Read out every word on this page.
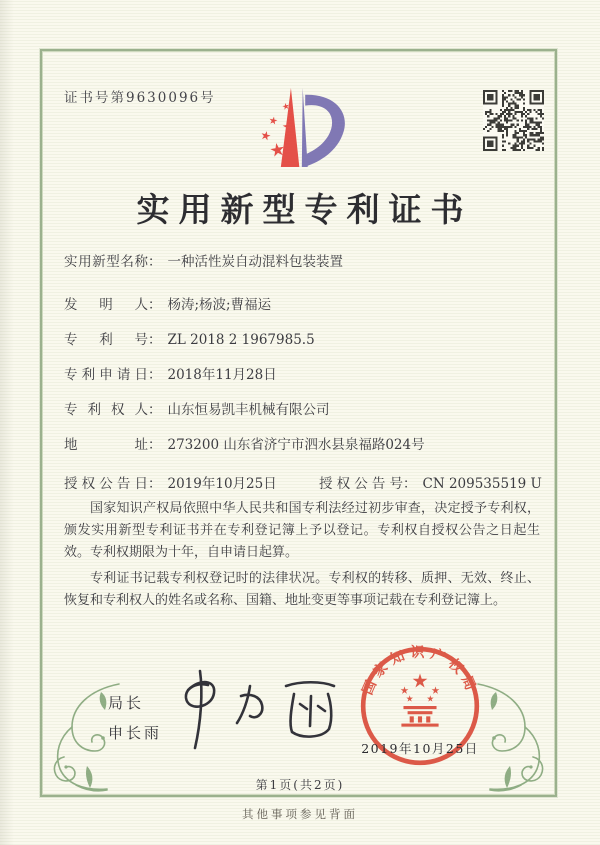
证书号第9630096号
实用新型专利证书
实用新型名称： 一种活性炭自动混料包装装置
发明人： 杨涛;杨波;曹福运
专利号： ZL 2018 2 1967985.5
专利申请日： 2018年11月28日
专利权人： 山东恒易凯丰机械有限公司
地址： 273200 山东省济宁市泗水县泉福路024号
授权公告日： 2019年10月25日	授权公告号： CN 209535519 U

国家知识产权局依照中华人民共和国专利法经过初步审查，决定授予专利权，颁发实用新型专利证书并在专利登记簿上予以登记。专利权自授权公告之日起生效。专利权期限为十年，自申请日起算。

专利证书记载专利权登记时的法律状况。专利权的转移、质押、无效、终止、恢复和专利权人的姓名或名称、国籍、地址变更等事项记载在专利登记簿上。

局长
申长雨
国家知识产权局
2019年10月25日
第1页(共2页)
其他事项参见背面
